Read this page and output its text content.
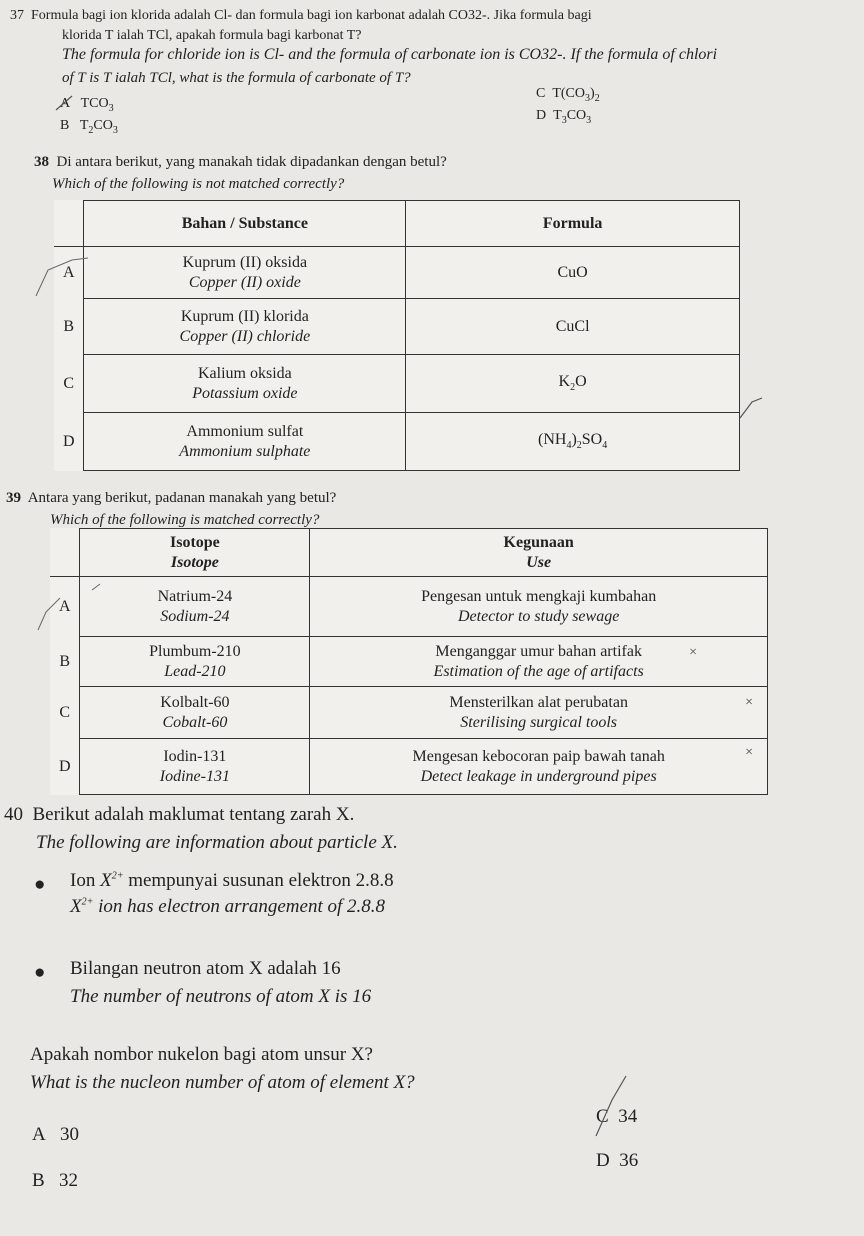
37 Formula bagi ion klorida adalah Cl- dan formula bagi ion karbonat adalah CO32-. Jika formula bagi
klorida T ialah TCl, apakah formula bagi karbonat T?
The formula for chloride ion is Cl- and the formula of carbonate ion is CO32-. If the formula of chlori
of T is T ialah TCl, what is the formula of carbonate of T?
A   $TCO_3$
B   $T_2CO_3$
C  $T(CO_3)_2$
D  $T_3CO_3$
38 Di antara berikut, yang manakah tidak dipadankan dengan betul?
Which of the following is not matched correctly?
	Bahan / Substance	Formula
A	Kuprum (II) oksida
Copper (II) oxide	CuO
B	Kuprum (II) klorida
Copper (II) chloride	CuCl
C	Kalium oksida
Potassium oxide	$K_2O$
D	Ammonium sulfat
Ammonium sulphate	$(NH_4)_2SO_4$
39 Antara yang berikut, padanan manakah yang betul?
Which of the following is matched correctly?

	Isotope
Isotope	Kegunaan
Use

A	Natrium-24
Sodium-24	Pengesan untuk mengkaji kumbahan
Detector to study sewage

B	Plumbum-210
Lead-210	Menganggar umur bahan artifak
Estimation of the age of artifacts
×

C	Kolbalt-60
Cobalt-60	Mensterilkan alat perubatan
Sterilising surgical tools
×

D	Iodin-131
Iodine-131	Mengesan kebocoran paip bawah tanah
Detect leakage in underground pipes
×
40 Berikut adalah maklumat tentang zarah X.
The following are information about particle X.
● Ion $X^{2+}$ mempunyai susunan elektron 2.8.8
$X^{2+}$ ion has electron arrangement of 2.8.8
● Bilangan neutron atom X adalah 16
The number of neutrons of atom X is 16
Apakah nombor nukelon bagi atom unsur X?
What is the nucleon number of atom of element X?
A 30
B 32
C 34
D 36
